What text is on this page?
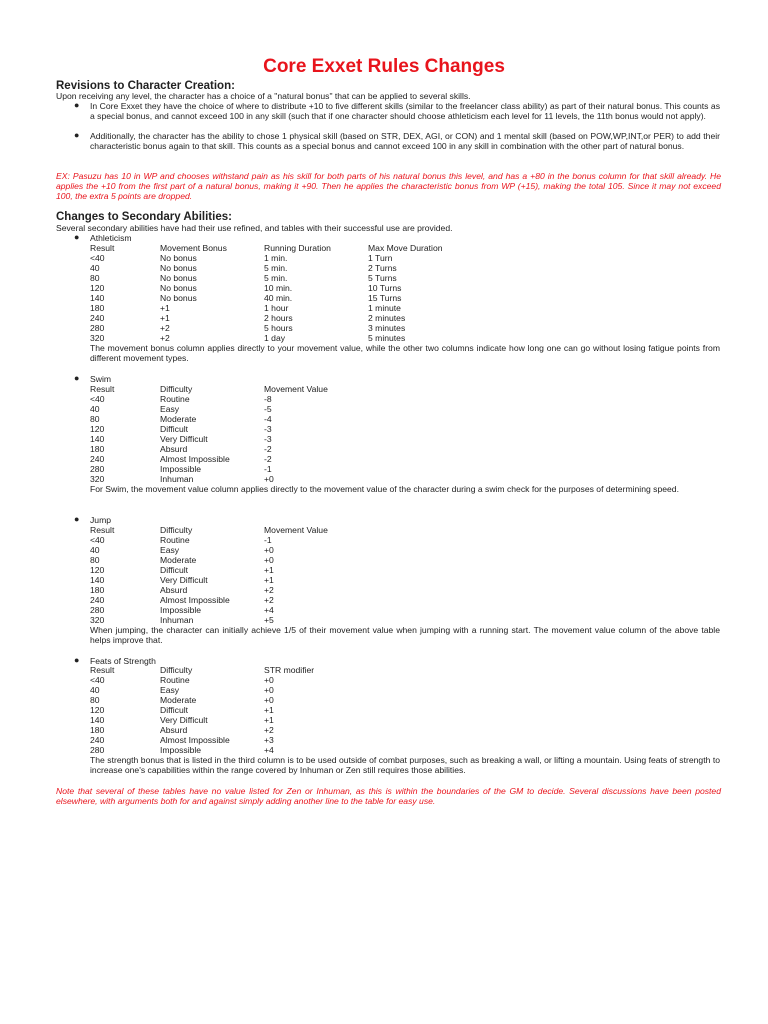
Core Exxet Rules Changes
Revisions to Character Creation:
Upon receiving any level, the character has a choice of a "natural bonus" that can be applied to several skills.
● In Core Exxet they have the choice of where to distribute +10 to five different skills (similar to the freelancer class ability) as part of their natural bonus. This counts as a special bonus, and cannot exceed 100 in any skill (such that if one character should choose athleticism each level for 11 levels, the 11th bonus would not apply).
● Additionally, the character has the ability to chose 1 physical skill (based on STR, DEX, AGI, or CON) and 1 mental skill (based on POW,WP,INT,or PER) to add their characteristic bonus again to that skill. This counts as a special bonus and cannot exceed 100 in any skill in combination with the other part of natural bonus.
EX: Pasuzu has 10 in WP and chooses withstand pain as his skill for both parts of his natural bonus this level, and has a +80 in the bonus column for that skill already. He applies the +10 from the first part of a natural bonus, making it +90. Then he applies the characteristic bonus from WP (+15), making the total 105. Since it may not exceed 100, the extra 5 points are dropped.
Changes to Secondary Abilities:
Several secondary abilities have had their use refined, and tables with their successful use are provided.
● Athleticism
Result	Movement Bonus	Running Duration	Max Move Duration
<40	No bonus	1 min.	1 Turn
40	No bonus	5 min.	2 Turns
80	No bonus	5 min.	5 Turns
120	No bonus	10 min.	10 Turns
140	No bonus	40 min.	15 Turns
180	+1	1 hour	1 minute
240	+1	2 hours	2 minutes
280	+2	5 hours	3 minutes
320	+2	1 day	5 minutes
The movement bonus column applies directly to your movement value, while the other two columns indicate how long one can go without losing fatigue points from different movement types.
● Swim
Result	Difficulty	Movement Value
<40	Routine	-8
40	Easy	-5
80	Moderate	-4
120	Difficult	-3
140	Very Difficult	-3
180	Absurd	-2
240	Almost Impossible	-2
280	Impossible	-1
320	Inhuman	+0
For Swim, the movement value column applies directly to the movement value of the character during a swim check for the purposes of determining speed.
● Jump
Result	Difficulty	Movement Value
<40	Routine	-1
40	Easy	+0
80	Moderate	+0
120	Difficult	+1
140	Very Difficult	+1
180	Absurd	+2
240	Almost Impossible	+2
280	Impossible	+4
320	Inhuman	+5
When jumping, the character can initially achieve 1/5 of their movement value when jumping with a running start. The movement value column of the above table helps improve that.
● Feats of Strength
Result	Difficulty	STR modifier
<40	Routine	+0
40	Easy	+0
80	Moderate	+0
120	Difficult	+1
140	Very Difficult	+1
180	Absurd	+2
240	Almost Impossible	+3
280	Impossible	+4
The strength bonus that is listed in the third column is to be used outside of combat purposes, such as breaking a wall, or lifting a mountain. Using feats of strength to increase one's capabilities within the range covered by Inhuman or Zen still requires those abilities.
Note that several of these tables have no value listed for Zen or Inhuman, as this is within the boundaries of the GM to decide. Several discussions have been posted elsewhere, with arguments both for and against simply adding another line to the table for easy use.
